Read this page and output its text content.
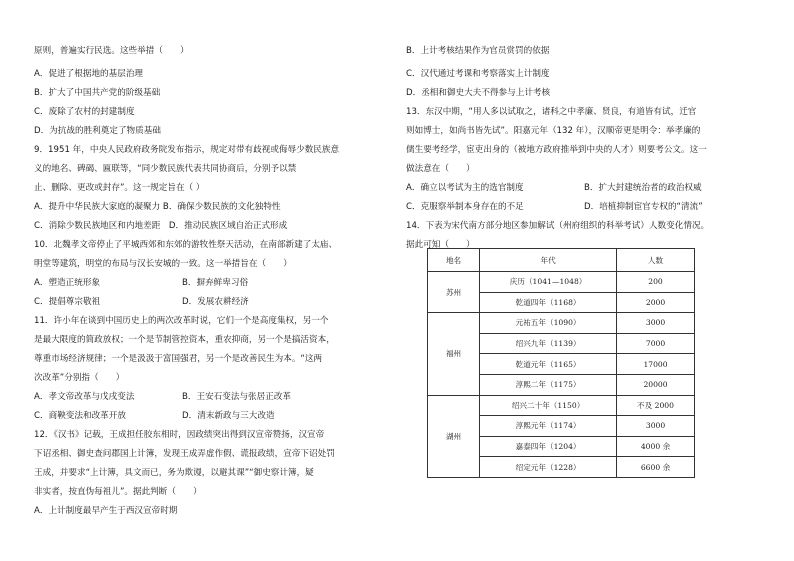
原则，普遍实行民选。这些举措（　　）
A．促进了根据地的基层治理
B．扩大了中国共产党的阶级基础
C．废除了农村的封建制度
D．为抗战的胜利奠定了物质基础
9．1951 年，中央人民政府政务院发布指示，规定对带有歧视或侮辱少数民族意
义的地名、碑碣、匾联等，“同少数民族代表共同协商后，分别予以禁
止、删除、更改或封存”。这一规定旨在（ ）
A．提升中华民族大家庭的凝聚力 B．确保少数民族的文化独特性
C．消除少数民族地区和内地差距　D．推动民族区域自治正式形成
10．北魏孝文帝停止了平城西郊和东郊的游牧性祭天活动，在南部新建了太庙、
明堂等建筑，明堂的布局与汉长安城的一致。这一举措旨在（　　）
A．塑造正统形象	B．摒弃鲜卑习俗
C．提倡尊宗敬祖	D．发展农耕经济
11．许小年在谈到中国历史上的两次改革时说，它们一个是高度集权，另一个
是最大限度的简政放权；一个是节制管控资本，重农抑商，另一个是搞活资本，
尊重市场经济规律；一个是汲汲于富国强君，另一个是改善民生为本。“这两
次改革”分别指（　　）
A．孝文帝改革与戊戌变法	B．王安石变法与张居正改革
C．商鞅变法和改革开放	D．清末新政与三大改造
12．《汉书》记载，王成担任胶东相时，因政绩突出得到汉宣帝赞扬，汉宣帝
下诏丞相、御史查问郡国上计簿，发现王成弄虚作假、谎报政绩，宣帝下诏处罚
王成，并要求“上计簿，具文而已，务为欺谩，以避其课”“御史察计簿，疑
非实者，按直伪每祖儿”。据此判断（　　）
A．上计制度最早产生于西汉宣帝时期
B．上计考核结果作为官员赏罚的依据
C．汉代通过考课和考察落实上计制度
D．丞相和御史大夫不得参与上计考核
13．东汉中期，“用人多以试取之，诸科之中孝廉、贤良，有道皆有试，迁官
则如博士，如尚书皆先试”。阳嘉元年（132 年），汉顺帝更是明令：举孝廉的
儒生要考经学，宦吏出身的（被地方政府推举到中央的人才）则要考公文。这一
做法意在（　　）
A．确立以考试为主的选官制度	B．扩大封建统治者的政治权威
C．克服察举制本身存在的不足	D．培植抑制宦官专权的“清流”
14．下表为宋代南方部分地区参加解试（州府组织的科举考试）人数变化情况。
据此可知（　　）
地名	年代	人数
苏州	庆历（1041—1048）	200
	乾道四年（1168）	2000
福州	元祐五年（1090）	3000
	绍兴九年（1139）	7000
	乾道元年（1165）	17000
	淳熙二年（1175）	20000
湖州	绍兴二十年（1150）	不及 2000
	淳熙元年（1174）	3000
	嘉泰四年（1204）	4000 余
	绍定元年（1228）	6600 余
